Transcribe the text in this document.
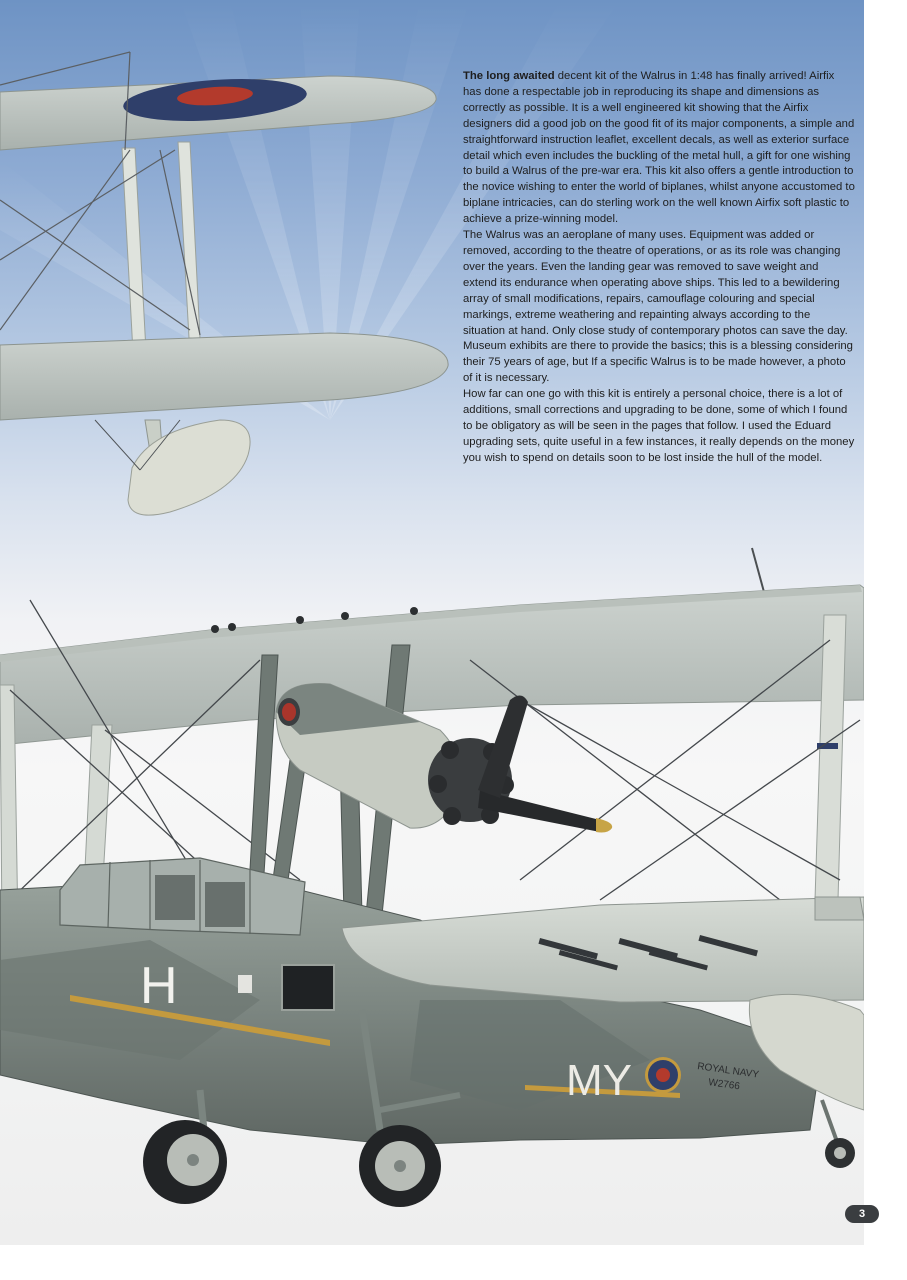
H
MY	ROYAL NAVY
W2766

The long awaited decent kit of the Walrus in 1:48 has finally arrived! Airfix has done a respectable job in reproducing its shape and dimensions as correctly as possible. It is a well engineered kit showing that the Airfix designers did a good job on the good fit of its major components, a simple and straightforward instruction leaflet, excellent decals, as well as exterior surface detail which even includes the buckling of the metal hull, a gift for one wishing to build a Walrus of the pre-war era. This kit also offers a gentle introduction to the novice wishing to enter the world of biplanes, whilst anyone accustomed to biplane intricacies, can do sterling work on the well known Airfix soft plastic to achieve a prize-winning model.

The Walrus was an aeroplane of many uses. Equipment was added or removed, according to the theatre of operations, or as its role was changing over the years. Even the landing gear was removed to save weight and extend its endurance when operating above ships. This led to a bewildering array of small modifications, repairs, camouflage colouring and special markings, extreme weathering and repainting always according to the situation at hand. Only close study of contemporary photos can save the day. Museum exhibits are there to provide the basics; this is a blessing considering their 75 years of age, but If a specific Walrus is to be made however, a photo of it is necessary.

How far can one go with this kit is entirely a personal choice, there is a lot of additions, small corrections and upgrading to be done, some of which I found to be obligatory as will be seen in the pages that follow. I used the Eduard upgrading sets, quite useful in a few instances, it really depends on the money you wish to spend on details soon to be lost inside the hull of the model.

3
